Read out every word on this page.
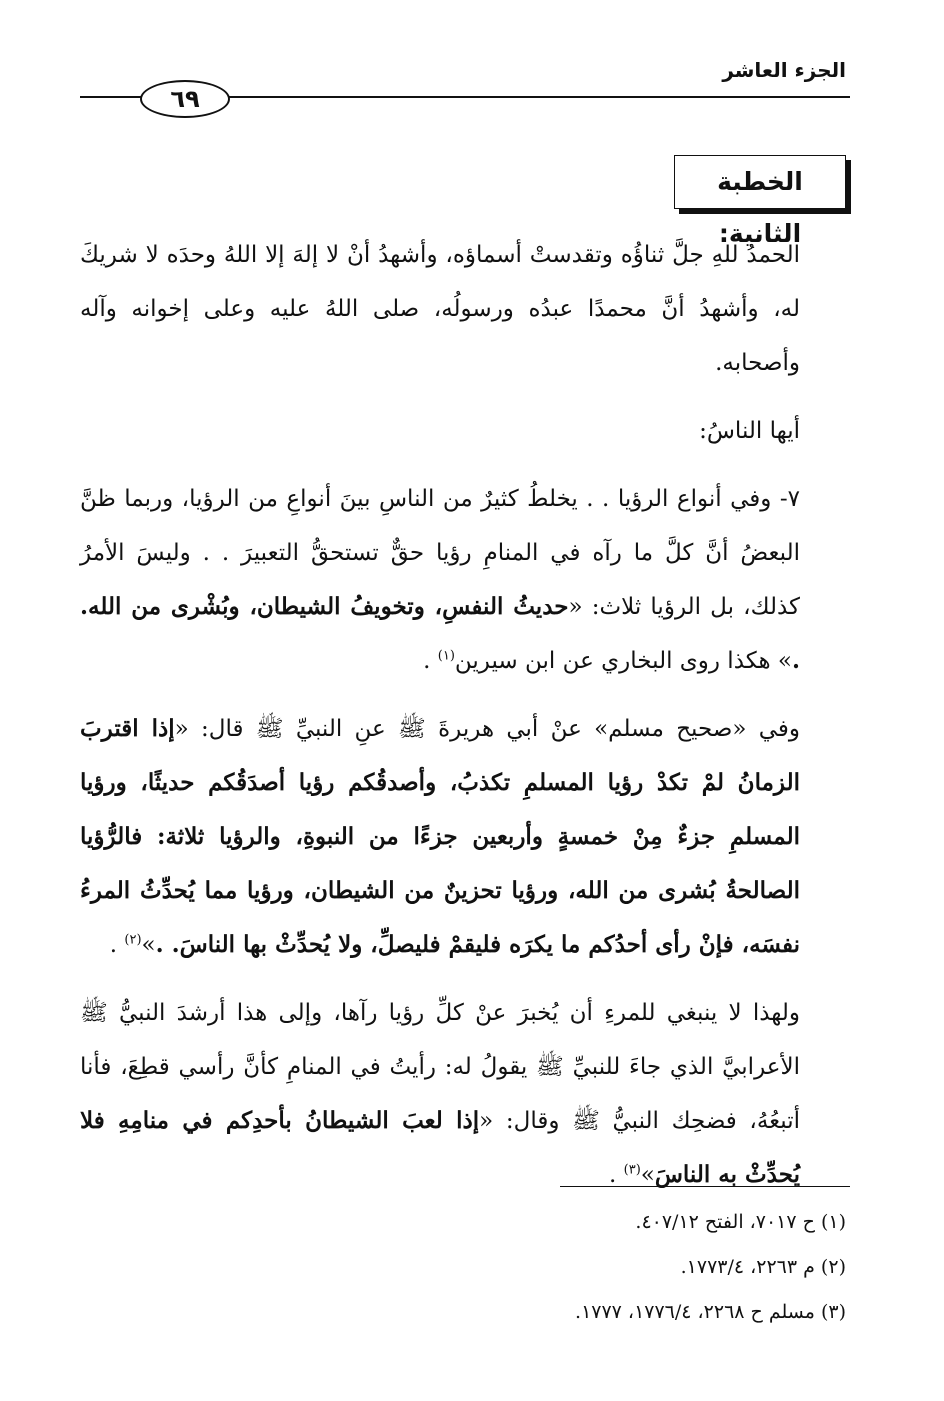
الجزء العاشر
٦٩
الخطبة الثانية:

الحمدُ للهِ جلَّ ثناؤُه وتقدستْ أسماؤه، وأشهدُ أنْ لا إلهَ إلا اللهُ وحدَه لا شريكَ له، وأشهدُ أنَّ محمدًا عبدُه ورسولُه، صلى اللهُ عليه وعلى إخوانه وآله وأصحابه.

أيها الناسُ:

٧- وفي أنواع الرؤيا . . يخلطُ كثيرٌ من الناسِ بينَ أنواعِ من الرؤيا، وربما ظنَّ البعضُ أنَّ كلَّ ما رآه في المنامِ رؤيا حقٌّ تستحقُّ التعبيرَ . . وليسَ الأمرُ كذلك، بل الرؤيا ثلاث: «حديثُ النفسِ، وتخويفُ الشيطان، وبُشْرى من الله. .» هكذا روى البخاري عن ابن سيرين$^{(١)}$ .

وفي «صحيح مسلم» عنْ أبي هريرةَ ﷺ عنِ النبيِّ ﷺ قال: «إذا اقتربَ الزمانُ لمْ تكدْ رؤيا المسلمِ تكذبُ، وأصدقُكم رؤيا أصدَقُكم حديثًا، ورؤيا المسلمِ جزءٌ مِنْ خمسةٍ وأربعين جزءًا من النبوةِ، والرؤيا ثلاثة: فالرُّؤيا الصالحةُ بُشرى من الله، ورؤيا تحزينٌ من الشيطان، ورؤيا مما يُحدِّثُ المرءُ نفسَه، فإنْ رأى أحدُكم ما يكرَه فليقمْ فليصلِّ، ولا يُحدِّثْ بها الناسَ. .»$^{(٢)}$ .

ولهذا لا ينبغي للمرءِ أن يُخبرَ عنْ كلِّ رؤيا رآها، وإلى هذا أرشدَ النبيُّ ﷺ الأعرابيَّ الذي جاءَ للنبيِّ ﷺ يقولُ له: رأيتُ في المنامِ كأنَّ رأسي قطِعَ، فأنا أتبعُهُ، فضحِك النبيُّ ﷺ وقال: «إذا لعبَ الشيطانُ بأحدِكم في منامِهِ فلا يُحدِّثْ به الناسَ»$^{(٣)}$ .

(١) ح ٧٠١٧، الفتح ٤٠٧/١٢.
(٢) م ٢٢٦٣، ١٧٧٣/٤.
(٣) مسلم ح ٢٢٦٨، ١٧٧٦/٤، ١٧٧٧.
